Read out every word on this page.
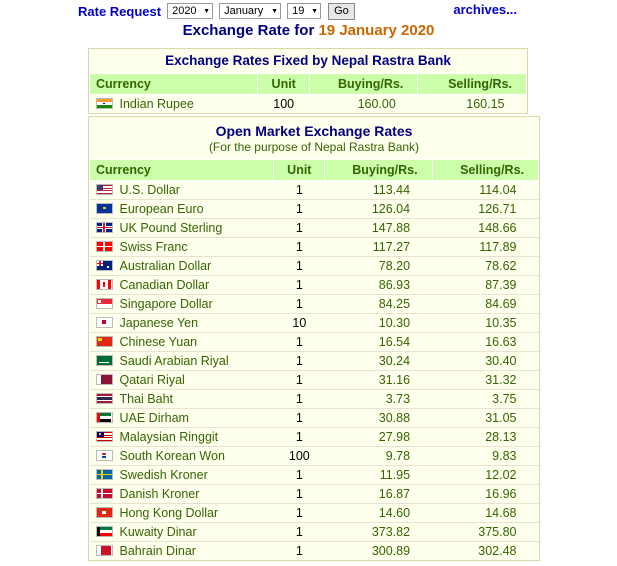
Rate Request 2020 ▼ January ▼ 19 ▼	Go	archives...
Exchange Rate for 19 January 2020
Exchange Rates Fixed by Nepal Rastra Bank
Currency	Unit	Buying/Rs.	Selling/Rs.

Indian Rupee	100	160.00	160.15
Open Market Exchange Rates
(For the purpose of Nepal Rastra Bank)
Currency	Unit	Buying/Rs.	Selling/Rs.

U.S. Dollar	1	113.44	114.04

European Euro	1	126.04	126.71

UK Pound Sterling	1	147.88	148.66

Swiss Franc	1	117.27	117.89

Australian Dollar	1	78.20	78.62

Canadian Dollar	1	86.93	87.39

Singapore Dollar	1	84.25	84.69

Japanese Yen	10	10.30	10.35

Chinese Yuan	1	16.54	16.63

Saudi Arabian Riyal	1	30.24	30.40

Qatari Riyal	1	31.16	31.32

Thai Baht	1	3.73	3.75

UAE Dirham	1	30.88	31.05

Malaysian Ringgit	1	27.98	28.13

South Korean Won	100	9.78	9.83

Swedish Kroner	1	11.95	12.02

Danish Kroner	1	16.87	16.96

Hong Kong Dollar	1	14.60	14.68

Kuwaity Dinar	1	373.82	375.80

Bahrain Dinar	1	300.89	302.48
